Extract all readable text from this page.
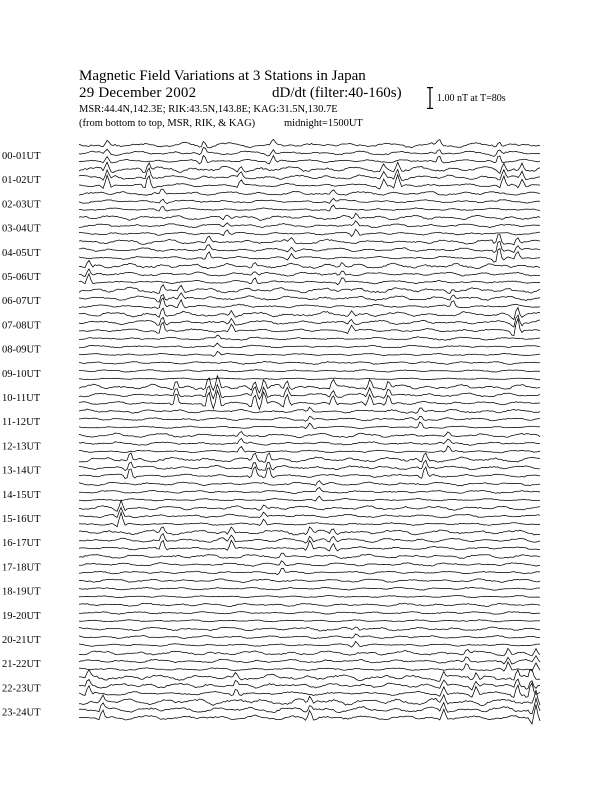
Magnetic Field Variations at 3 Stations in Japan
29 December 2002	dD/dt (filter:40-160s)
MSR:44.4N,142.3E; RIK:43.5N,143.8E; KAG:31.5N,130.7E
(from bottom to top, MSR, RIK, & KAG)	midnight=1500UT
1.00 nT at T=80s
00-01UT
01-02UT
02-03UT
03-04UT
04-05UT
05-06UT
06-07UT
07-08UT
08-09UT
09-10UT
10-11UT
11-12UT
12-13UT
13-14UT
14-15UT
15-16UT
16-17UT
17-18UT
18-19UT
19-20UT
20-21UT
21-22UT
22-23UT
23-24UT
